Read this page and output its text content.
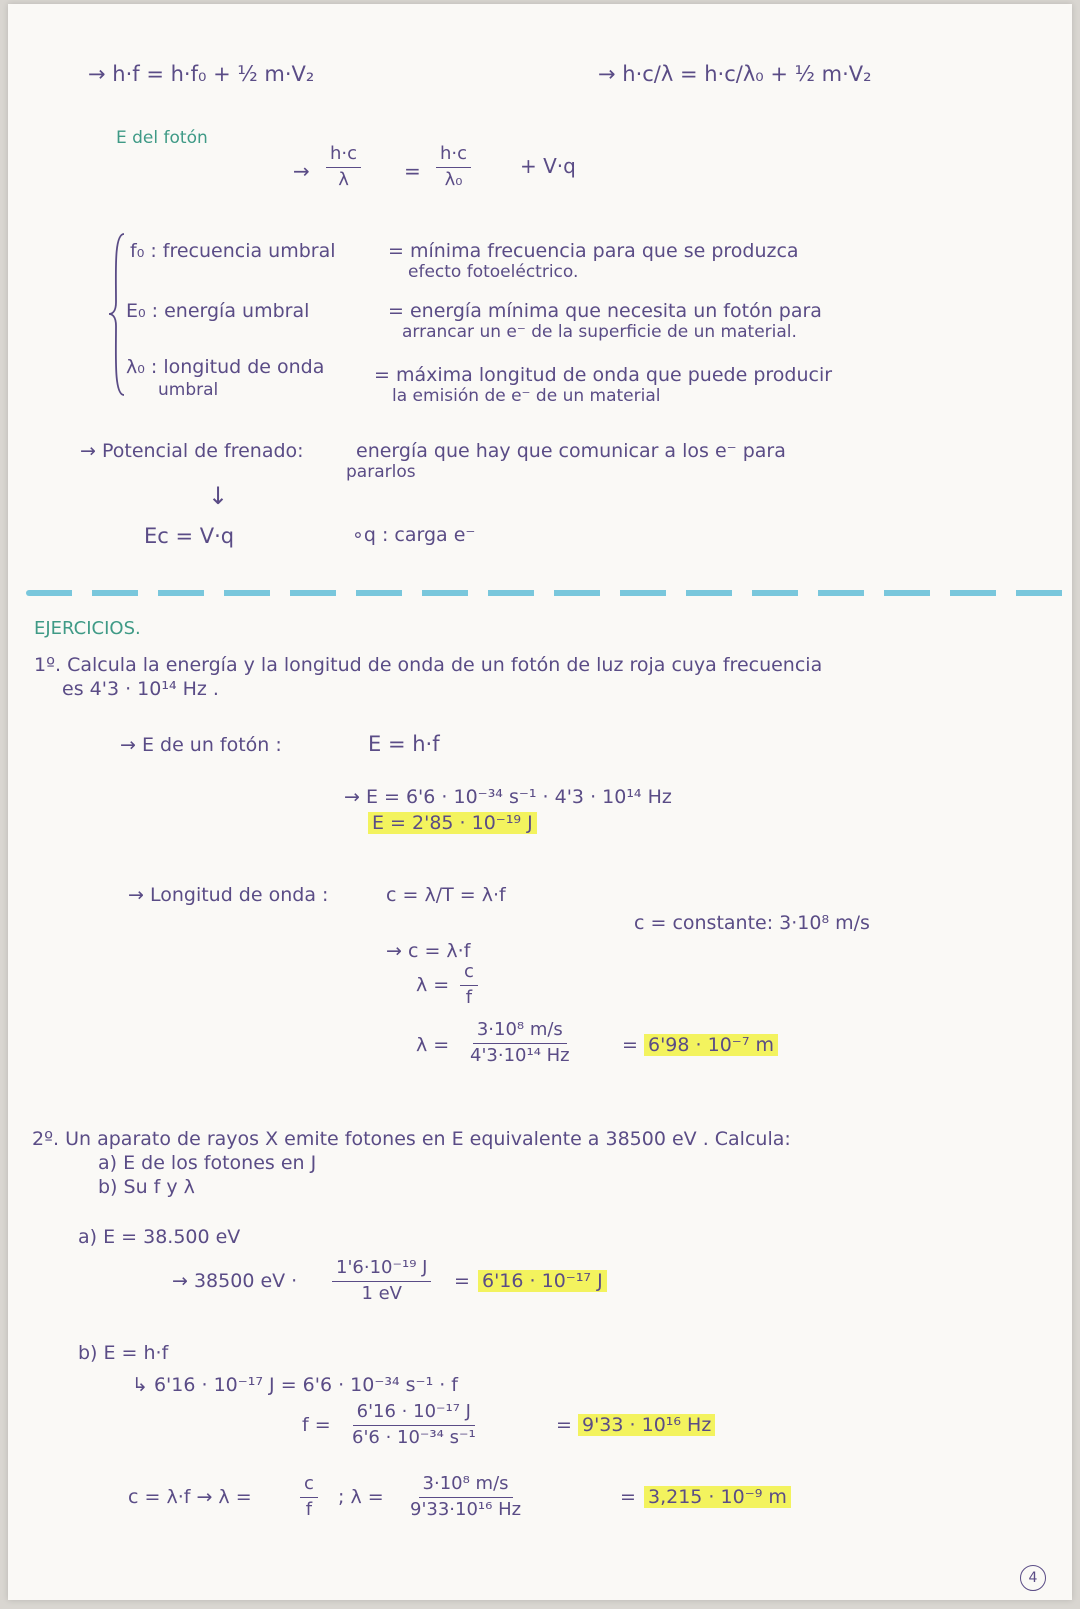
→ h·f = h·f₀ + ½ m·V₂
E del fotón
→ h·c/λ = h·c/λ₀ + ½ m·V₂
→ $\frac{h\cdot c}{\lambda} = \frac{h\cdot c}{\text{λ₀}} + V\cdot q$
f₀ : frecuencia umbral	= mínima frecuencia para que se produzca
efecto fotoeléctrico.
E₀ : energía umbral	= energía mínima que necesita un fotón para
arrancar un e⁻ de la superficie de un material.
λ₀ : longitud de onda
umbral
= máxima longitud de onda que puede producir
la emisión de e⁻ de un material
→ Potencial de frenado:	energía que hay que comunicar a los e⁻ para
pararlos
↓
Ec = V·q	∘q : carga e⁻
EJERCICIOS.
1º. Calcula la energía y la longitud de onda de un fotón de luz roja cuya frecuencia
es 4'3 · 10¹⁴ Hz .
→ E de un fotón :	E = h·f
→ E = 6'6 · 10⁻³⁴ s⁻¹ · 4'3 · 10¹⁴ Hz
E = 2'85 · 10⁻¹⁹ J
→ Longitud de onda :	c = λ/T = λ·f
c = constante: 3·10⁸ m/s
→ c = λ·f
$\lambda = \frac{c}{f}$
$\lambda = \frac{\text{3·10⁸ m/s}}{\text{4'3·10¹⁴ Hz}}$	= 6'98 · 10⁻⁷ m
2º. Un aparato de rayos X emite fotones en E equivalente a 38500 eV . Calcula:
a) E de los fotones en J
b) Su f y λ
a) E = 38.500 eV
→ 38500 eV · $\frac{\text{1'6·10⁻¹⁹ J}}{1 eV} = 6'16 \cdot 10^{-17}$ J
b) E = h·f
↳ 6'16 · 10⁻¹⁷ J = 6'6 · 10⁻³⁴ s⁻¹ · f
$f = \frac{\text{6'16 · 10⁻¹⁷ J}}{\text{6'6 · 10⁻³⁴ s⁻¹}}$	= 9'33 · 10¹⁶ Hz
c = λ·f → λ =	$\frac{c}{f}$ ; $\lambda = \frac{\text{3·10⁸ m/s}}{\text{9'33·10¹⁶ Hz}}$	= 3,215 · 10⁻⁹ m
4
